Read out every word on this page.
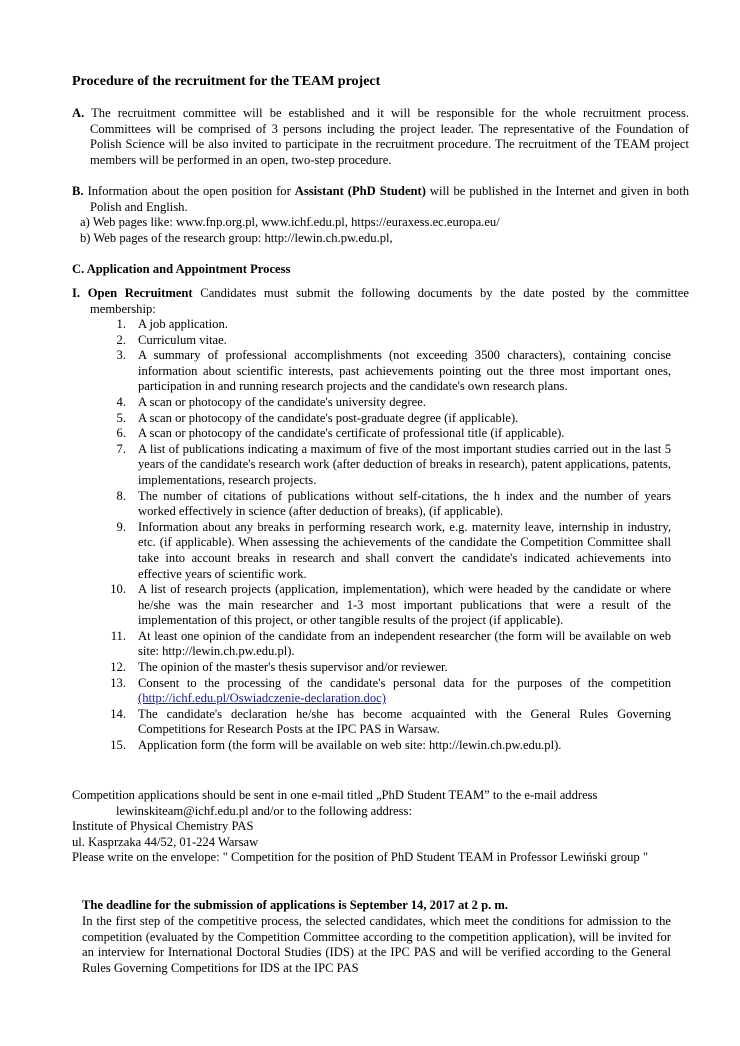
Procedure of the recruitment for the TEAM project
A. The recruitment committee will be established and it will be responsible for the whole recruitment process. Committees will be comprised of 3 persons including the project leader. The representative of the Foundation of Polish Science will be also invited to participate in the recruitment procedure. The recruitment of the TEAM project members will be performed in an open, two-step procedure.
B. Information about the open position for Assistant (PhD Student) will be published in the Internet and given in both Polish and English.
a) Web pages like: www.fnp.org.pl, www.ichf.edu.pl, https://euraxess.ec.europa.eu/
b) Web pages of the research group: http://lewin.ch.pw.edu.pl,
C. Application and Appointment Process
I. Open Recruitment Candidates must submit the following documents by the date posted by the committee membership:
1. A job application.
2. Curriculum vitae.
3. A summary of professional accomplishments (not exceeding 3500 characters), containing concise information about scientific interests, past achievements pointing out the three most important ones, participation in and running research projects and the candidate's own research plans.
4. A scan or photocopy of the candidate's university degree.
5. A scan or photocopy of the candidate's post-graduate degree (if applicable).
6. A scan or photocopy of the candidate's certificate of professional title (if applicable).
7. A list of publications indicating a maximum of five of the most important studies carried out in the last 5 years of the candidate's research work (after deduction of breaks in research), patent applications, patents, implementations, research projects.
8. The number of citations of publications without self-citations, the h index and the number of years worked effectively in science (after deduction of breaks), (if applicable).
9. Information about any breaks in performing research work, e.g. maternity leave, internship in industry, etc. (if applicable). When assessing the achievements of the candidate the Competition Committee shall take into account breaks in research and shall convert the candidate's indicated achievements into effective years of scientific work.
10. A list of research projects (application, implementation), which were headed by the candidate or where he/she was the main researcher and 1-3 most important publications that were a result of the implementation of this project, or other tangible results of the project (if applicable).
11. At least one opinion of the candidate from an independent researcher (the form will be available on web site: http://lewin.ch.pw.edu.pl).
12. The opinion of the master's thesis supervisor and/or reviewer.
13. Consent to the processing of the candidate's personal data for the purposes of the competition (http://ichf.edu.pl/Oswiadczenie-declaration.doc)
14. The candidate's declaration he/she has become acquainted with the General Rules Governing Competitions for Research Posts at the IPC PAS in Warsaw.
15. Application form (the form will be available on web site: http://lewin.ch.pw.edu.pl).

Competition applications should be sent in one e-mail titled „PhD Student TEAM” to the e-mail address

lewinskiteam@ichf.edu.pl and/or to the following address:

Institute of Physical Chemistry PAS

ul. Kasprzaka 44/52, 01-224 Warsaw

Please write on the envelope: " Competition for the position of PhD Student TEAM in Professor Lewiński group "

The deadline for the submission of applications is September 14, 2017 at 2 p. m.
In the first step of the competitive process, the selected candidates, which meet the conditions for admission to the competition (evaluated by the Competition Committee according to the competition application), will be invited for an interview for International Doctoral Studies (IDS) at the IPC PAS and will be verified according to the General Rules Governing Competitions for IDS at the IPC PAS
